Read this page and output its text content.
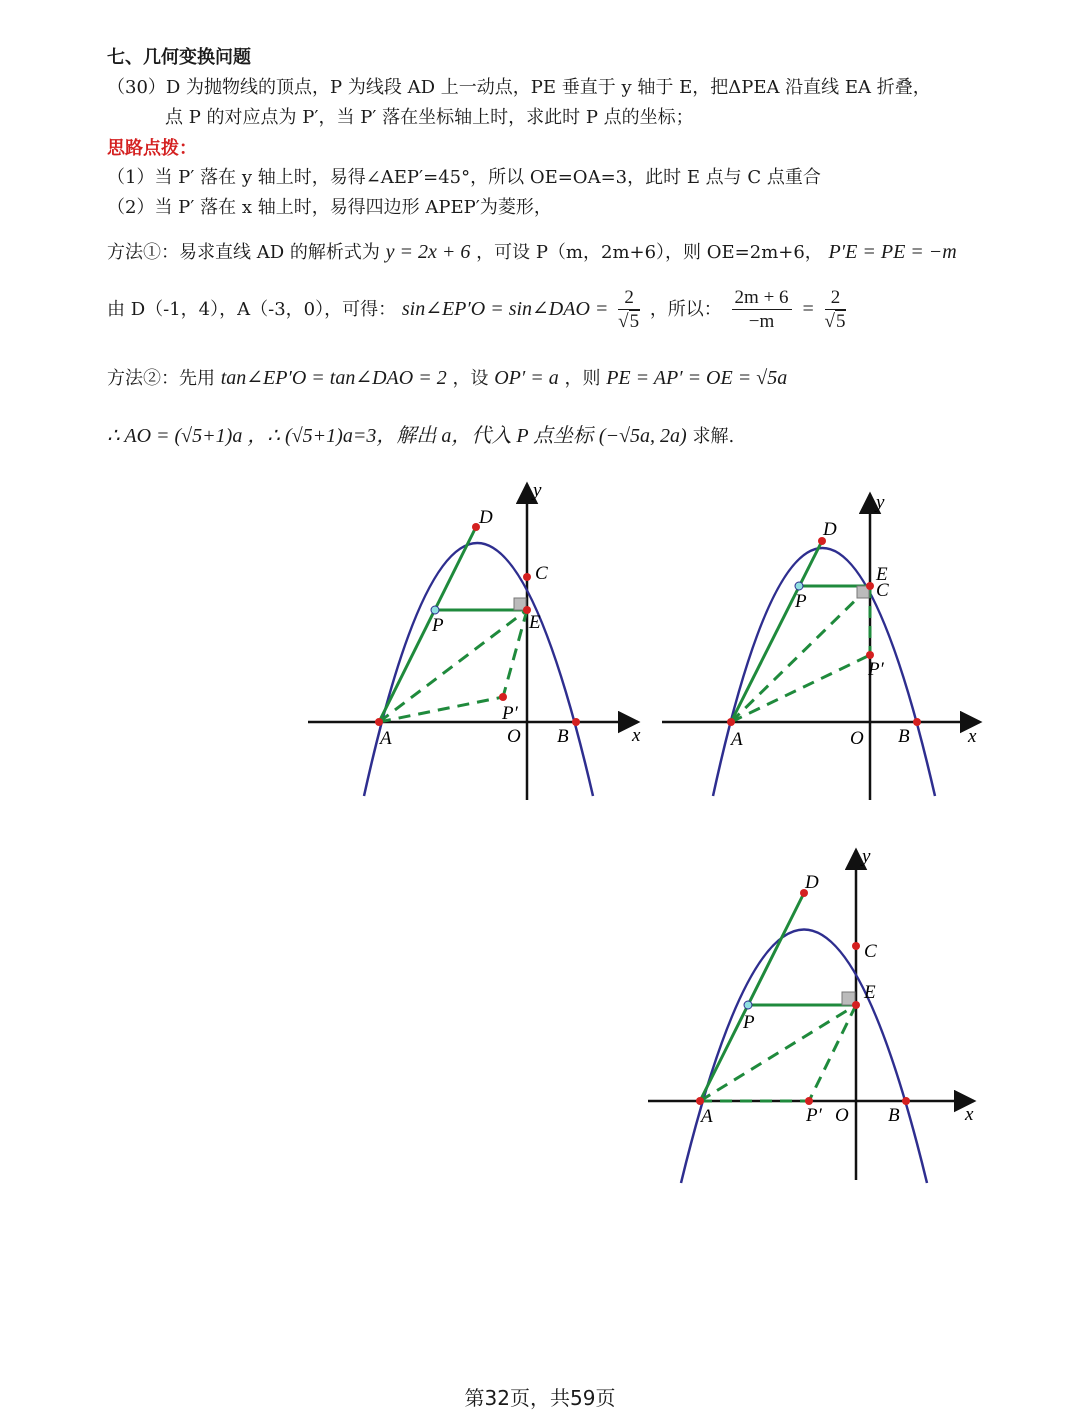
七、几何变换问题
（30）D 为抛物线的顶点，P 为线段 AD 上一动点，PE 垂直于 y 轴于 E，把ΔPEA 沿直线 EA 折叠，
点 P 的对应点为 P′，当 P′ 落在坐标轴上时，求此时 P 点的坐标；
思路点拨：
（1）当 P′ 落在 y 轴上时，易得∠AEP′=45°，所以 OE=OA=3，此时 E 点与 C 点重合
（2）当 P′ 落在 x 轴上时，易得四边形 APEP′为菱形，
方法①：易求直线 AD 的解析式为 y = 2x + 6 ，可设 P（m，2m+6），则 OE=2m+6， P′E = PE = −m
由 D（-1，4），A（-3，0），可得： sin∠EP′O = sin∠DAO = $\frac{2}{√5}$ ，所以： $\frac{2m + 6}{-m} = \frac{2}{√5}$
方法②：先用 tan∠EP′O = tan∠DAO = 2 ，设 OP′ = a ，则 PE = AP′ = OE = √5a
∴ AO = (√5+1)a ，∴ (√5+1)a=3，解出 a，代入 P 点坐标 (−√5a, 2a) 求解.
y
x
O
A	B
C
D
E
P
P′
y
x
O
A	B
C
D
E
P
P′
y
x
O
A	B
C
D
E
P
P′
第32页，共59页
